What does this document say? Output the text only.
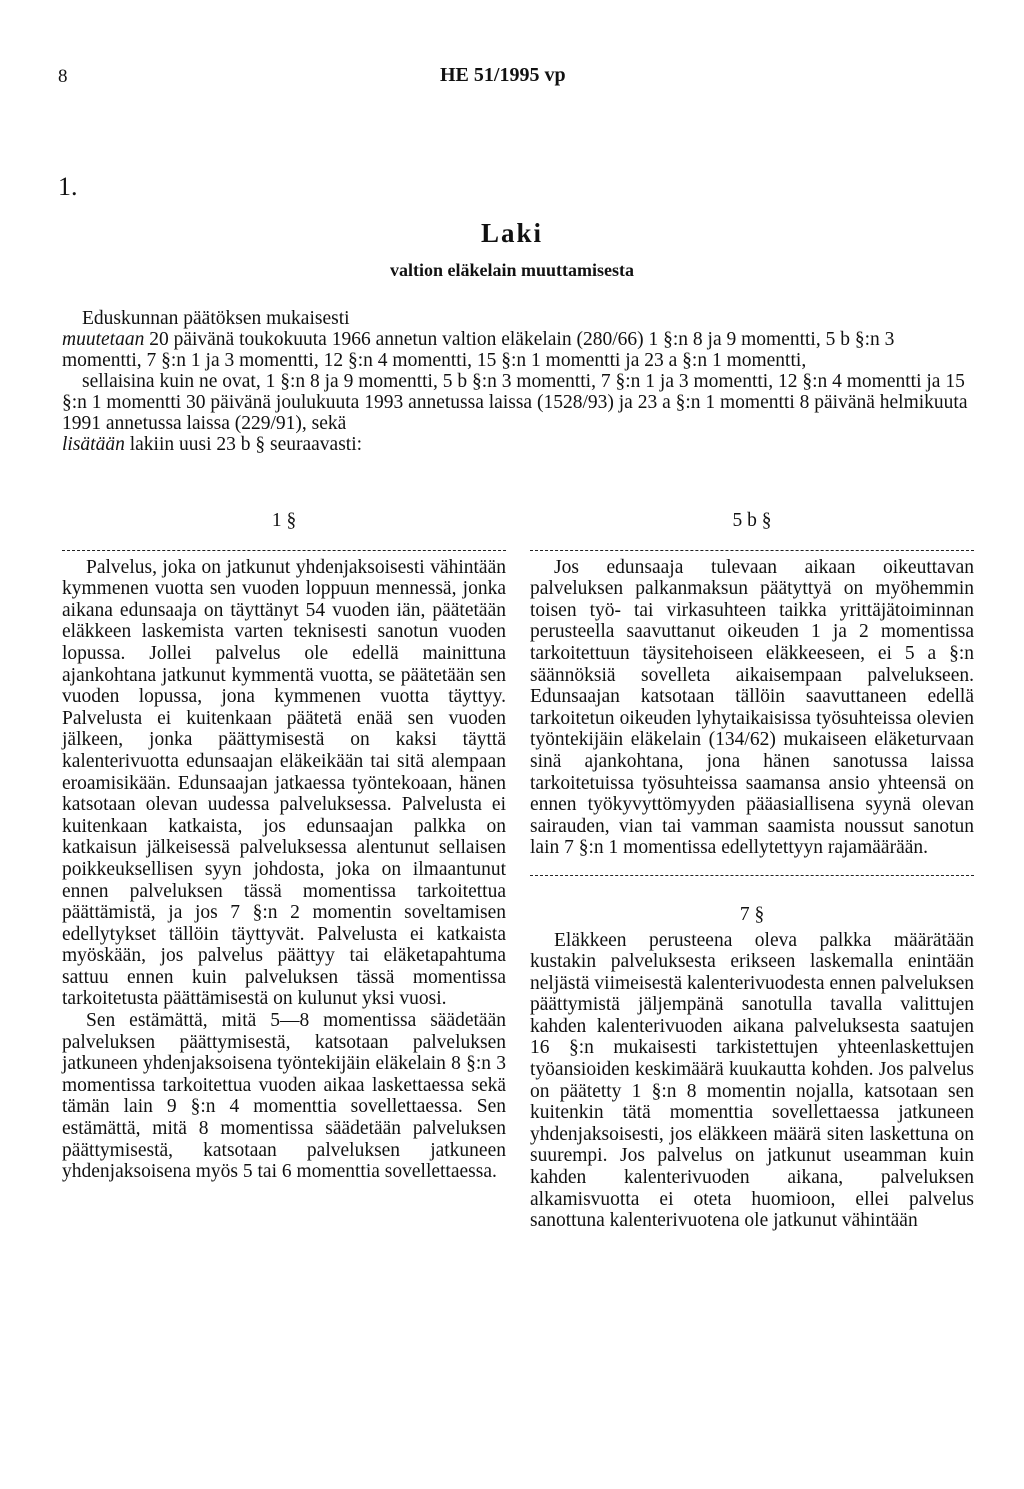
8	HE 51/1995 vp
1.
Laki
valtion eläkelain muuttamisesta

Eduskunnan päätöksen mukaisesti

muutetaan 20 päivänä toukokuuta 1966 annetun valtion eläkelain (280/66) 1 §:n 8 ja 9 momentti, 5 b §:n 3 momentti, 7 §:n 1 ja 3 momentti, 12 §:n 4 momentti, 15 §:n 1 momentti ja 23 a §:n 1 momentti,

sellaisina kuin ne ovat, 1 §:n 8 ja 9 momentti, 5 b §:n 3 momentti, 7 §:n 1 ja 3 momentti, 12 §:n 4 momentti ja 15 §:n 1 momentti 30 päivänä joulukuuta 1993 annetussa laissa (1528/93) ja 23 a §:n 1 momentti 8 päivänä helmikuuta 1991 annetussa laissa (229/91), sekä

lisätään lakiin uusi 23 b § seuraavasti:

1 §

Palvelus, joka on jatkunut yhdenjaksoisesti vähintään kymmenen vuotta sen vuoden loppuun mennessä, jonka aikana edunsaaja on täyttänyt 54 vuoden iän, päätetään eläkkeen laskemista varten teknisesti sanotun vuoden lopussa. Jollei palvelus ole edellä mainittuna ajankohtana jatkunut kymmentä vuotta, se päätetään sen vuoden lopussa, jona kymmenen vuotta täyttyy. Palvelusta ei kuitenkaan päätetä enää sen vuoden jälkeen, jonka päättymisestä on kaksi täyttä kalenterivuotta edunsaajan eläkeikään tai sitä alempaan eroamisikään. Edunsaajan jatkaessa työntekoaan, hänen katsotaan olevan uudessa palveluksessa. Palvelusta ei kuitenkaan katkaista, jos edunsaajan palkka on katkaisun jälkeisessä palveluksessa alentunut sellaisen poikkeuksellisen syyn johdosta, joka on ilmaantunut ennen palveluksen tässä momentissa tarkoitettua päättämistä, ja jos 7 §:n 2 momentin soveltamisen edellytykset tällöin täyttyvät. Palvelusta ei katkaista myöskään, jos palvelus päättyy tai eläketapahtuma sattuu ennen kuin palveluksen tässä momentissa tarkoitetusta päättämisestä on kulunut yksi vuosi.

Sen estämättä, mitä 5—8 momentissa säädetään palveluksen päättymisestä, katsotaan palveluksen jatkuneen yhdenjaksoisena työntekijäin eläkelain 8 §:n 3 momentissa tarkoitettua vuoden aikaa laskettaessa sekä tämän lain 9 §:n 4 momenttia sovellettaessa. Sen estämättä, mitä 8 momentissa säädetään palveluksen päättymisestä, katsotaan palveluksen jatkuneen yhdenjaksoisena myös 5 tai 6 momenttia sovellettaessa.

5 b §

Jos edunsaaja tulevaan aikaan oikeuttavan palveluksen palkanmaksun päätyttyä on myöhemmin toisen työ- tai virkasuhteen taikka yrittäjätoiminnan perusteella saavuttanut oikeuden 1 ja 2 momentissa tarkoitettuun täysitehoiseen eläkkeeseen, ei 5 a §:n säännöksiä sovelleta aikaisempaan palvelukseen. Edunsaajan katsotaan tällöin saavuttaneen edellä tarkoitetun oikeuden lyhytaikaisissa työsuhteissa olevien työntekijäin eläkelain (134/62) mukaiseen eläketurvaan sinä ajankohtana, jona hänen sanotussa laissa tarkoitetuissa työsuhteissa saamansa ansio yhteensä on ennen työkyvyttömyyden pääasiallisena syynä olevan sairauden, vian tai vamman saamista noussut sanotun lain 7 §:n 1 momentissa edellytettyyn rajamäärään.

7 §

Eläkkeen perusteena oleva palkka määrätään kustakin palveluksesta erikseen laskemalla enintään neljästä viimeisestä kalenterivuodesta ennen palveluksen päättymistä jäljempänä sanotulla tavalla valittujen kahden kalenterivuoden aikana palveluksesta saatujen 16 §:n mukaisesti tarkistettujen yhteenlaskettujen työansioiden keskimäärä kuukautta kohden. Jos palvelus on päätetty 1 §:n 8 momentin nojalla, katsotaan sen kuitenkin tätä momenttia sovellettaessa jatkuneen yhdenjaksoisesti, jos eläkkeen määrä siten laskettuna on suurempi. Jos palvelus on jatkunut useamman kuin kahden kalenterivuoden aikana, palveluksen alkamisvuotta ei oteta huomioon, ellei palvelus sanottuna kalenterivuotena ole jatkunut vähintään
